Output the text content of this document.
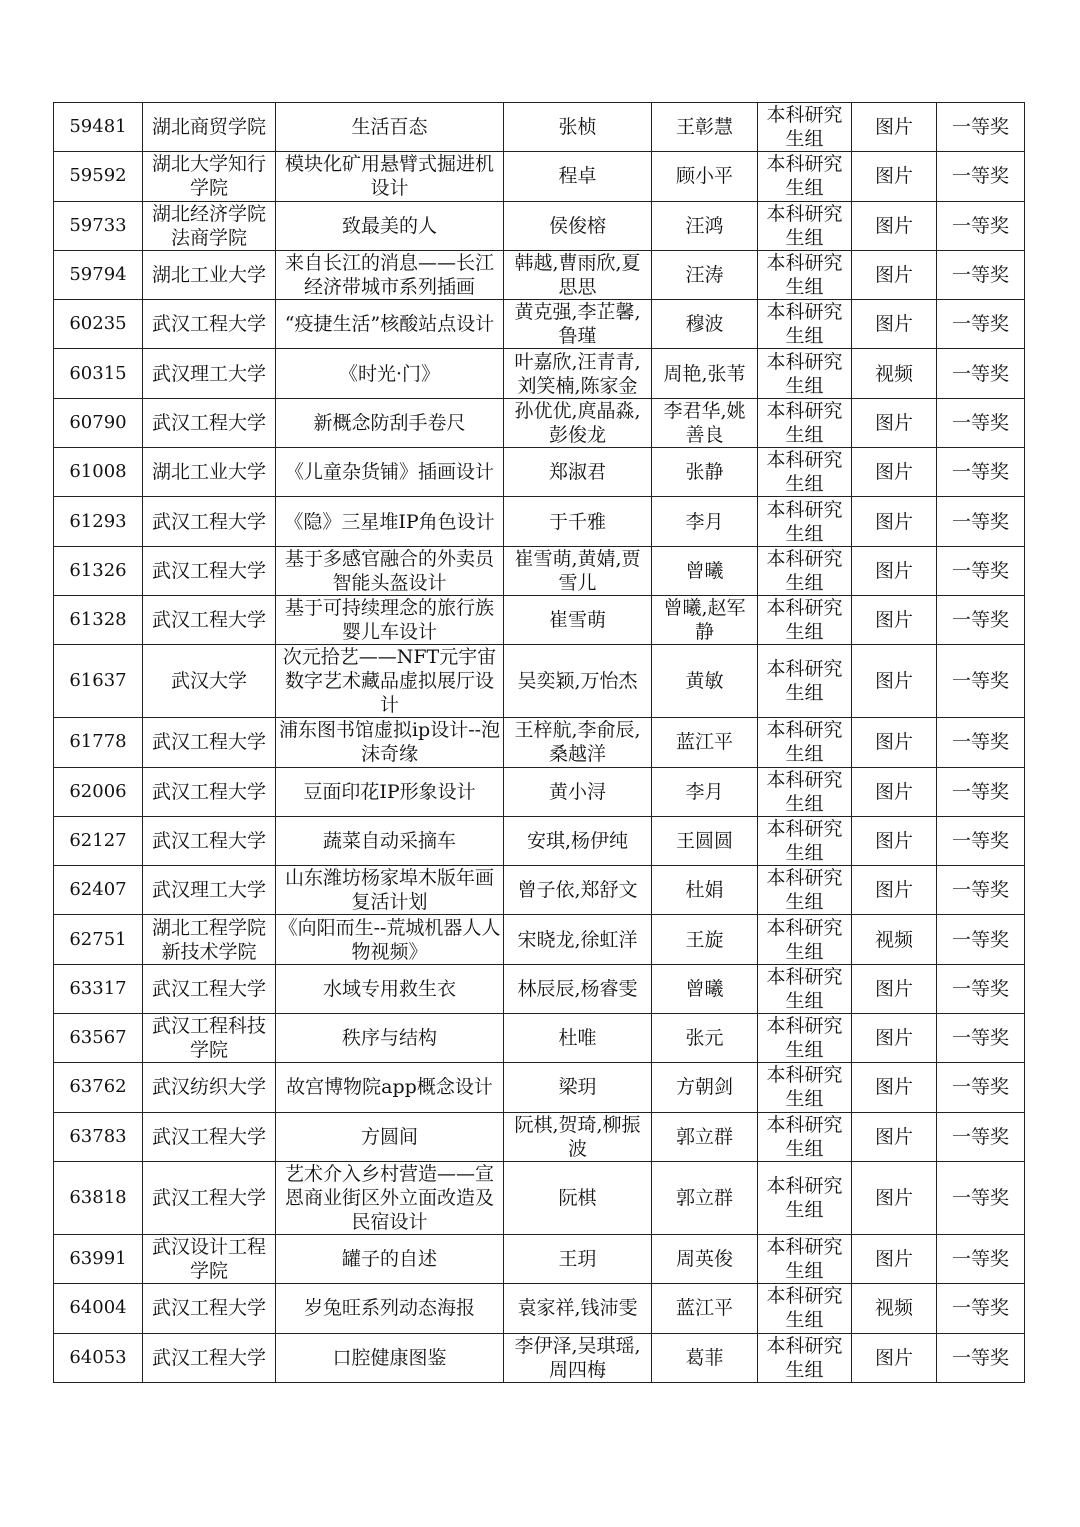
59481	湖北商贸学院	生活百态	张桢	王彰慧	本科研究生组	图片	一等奖
59592	湖北大学知行学院	模块化矿用悬臂式掘进机设计	程卓	顾小平	本科研究生组	图片	一等奖
59733	湖北经济学院法商学院	致最美的人	侯俊榕	汪鸿	本科研究生组	图片	一等奖
59794	湖北工业大学	来自长江的消息——长江经济带城市系列插画	韩越,曹雨欣,夏思思	汪涛	本科研究生组	图片	一等奖
60235	武汉工程大学	“疫捷生活”核酸站点设计	黄克强,李芷馨,鲁瑾	穆波	本科研究生组	图片	一等奖
60315	武汉理工大学	《时光·门》	叶嘉欣,汪青青,刘笑楠,陈家金	周艳,张苇	本科研究生组	视频	一等奖
60790	武汉工程大学	新概念防刮手卷尺	孙优优,庹晶淼,彭俊龙	李君华,姚善良	本科研究生组	图片	一等奖
61008	湖北工业大学	《儿童杂货铺》插画设计	郑淑君	张静	本科研究生组	图片	一等奖
61293	武汉工程大学	《隐》三星堆IP角色设计	于千雅	李月	本科研究生组	图片	一等奖
61326	武汉工程大学	基于多感官融合的外卖员智能头盔设计	崔雪萌,黄婧,贾雪儿	曾曦	本科研究生组	图片	一等奖
61328	武汉工程大学	基于可持续理念的旅行族婴儿车设计	崔雪萌	曾曦,赵军静	本科研究生组	图片	一等奖
61637	武汉大学	次元拾艺——NFT元宇宙数字艺术藏品虚拟展厅设计	吴奕颖,万怡杰	黄敏	本科研究生组	图片	一等奖
61778	武汉工程大学	浦东图书馆虚拟ip设计--泡沫奇缘	王梓航,李俞辰,桑越洋	蓝江平	本科研究生组	图片	一等奖
62006	武汉工程大学	豆面印花IP形象设计	黄小浔	李月	本科研究生组	图片	一等奖
62127	武汉工程大学	蔬菜自动采摘车	安琪,杨伊纯	王圆圆	本科研究生组	图片	一等奖
62407	武汉理工大学	山东潍坊杨家埠木版年画复活计划	曾子依,郑舒文	杜娟	本科研究生组	图片	一等奖
62751	湖北工程学院新技术学院	《向阳而生--荒城机器人人物视频》	宋晓龙,徐虹洋	王旋	本科研究生组	视频	一等奖
63317	武汉工程大学	水域专用救生衣	林辰辰,杨睿雯	曾曦	本科研究生组	图片	一等奖
63567	武汉工程科技学院	秩序与结构	杜唯	张元	本科研究生组	图片	一等奖
63762	武汉纺织大学	故宫博物院app概念设计	梁玥	方朝剑	本科研究生组	图片	一等奖
63783	武汉工程大学	方圆间	阮棋,贺琦,柳振波	郭立群	本科研究生组	图片	一等奖
63818	武汉工程大学	艺术介入乡村营造——宣恩商业街区外立面改造及民宿设计	阮棋	郭立群	本科研究生组	图片	一等奖
63991	武汉设计工程学院	罐子的自述	王玥	周英俊	本科研究生组	图片	一等奖
64004	武汉工程大学	岁兔旺系列动态海报	袁家祥,钱沛雯	蓝江平	本科研究生组	视频	一等奖
64053	武汉工程大学	口腔健康图鉴	李伊泽,吴琪瑶,周四梅	葛菲	本科研究生组	图片	一等奖
